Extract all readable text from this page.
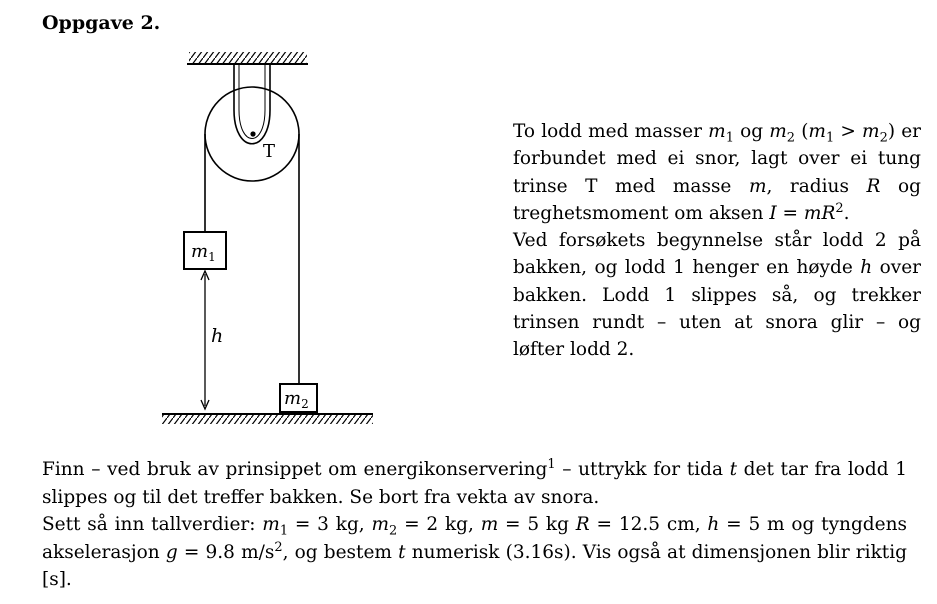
Oppgave 2.
T
$m_1$
h
$m_2$

To lodd med masser $m_1$ og $m_2$ $(m_1 > m_2)$ er forbundet med ei snor, lagt over ei tung trinse T med masse m, radius R og treghetsmoment om aksen $I = mR^2$.

Ved forsøkets begynnelse står lodd 2 på bakken, og lodd 1 henger en høyde h over bakken. Lodd 1 slippes så, og trekker trinsen rundt – uten at snora glir – og løfter lodd 2.

Finn – ved bruk av prinsippet om energikonservering$^1$ – uttrykk for tida t det tar fra lodd 1 slippes og til det treffer bakken. Se bort fra vekta av snora.

Sett så inn tallverdier: $m_1 = 3$ kg, $m_2 = 2$ kg, m = 5 kg R = 12.5 cm, h = 5 m og tyngdens akselerasjon g = 9.8 $m/s^2$, og bestem t numerisk (3.16s). Vis også at dimensjonen blir riktig [s].
